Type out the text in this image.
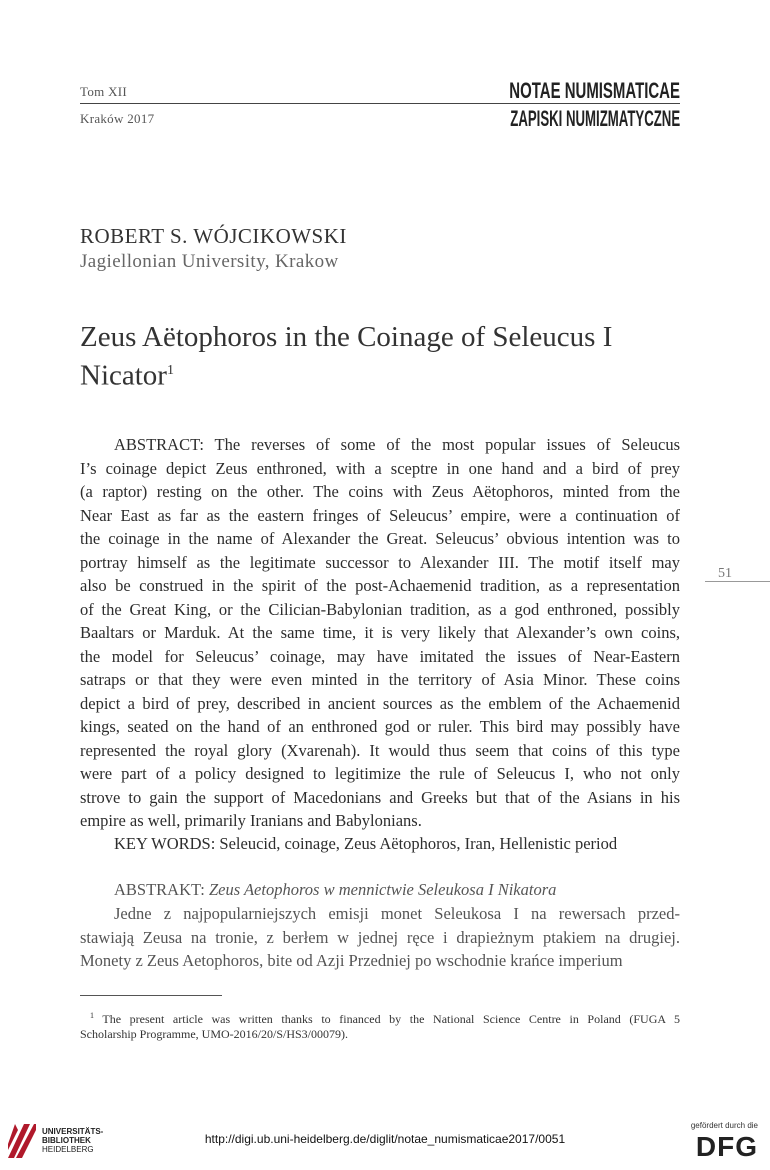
Tom XII
Kraków 2017
NOTAE NUMISMATICAE
ZAPISKI NUMIZMATYCZNE
ROBERT S. WÓJCIKOWSKI
Jagiellonian University, Krakow
Zeus Aëtophoros in the Coinage of Seleucus I
Nicator$^1$
ABSTRACT: The reverses of some of the most popular issues of Seleucus
I’s coinage depict Zeus enthroned, with a sceptre in one hand and a bird of prey
(a raptor) resting on the other. The coins with Zeus Aëtophoros, minted from the
Near East as far as the eastern fringes of Seleucus’ empire, were a continuation of
the coinage in the name of Alexander the Great. Seleucus’ obvious intention was to
portray himself as the legitimate successor to Alexander III. The motif itself may
also be construed in the spirit of the post-Achaemenid tradition, as a representation
of the Great King, or the Cilician-Babylonian tradition, as a god enthroned, possibly
Baaltars or Marduk. At the same time, it is very likely that Alexander’s own coins,
the model for Seleucus’ coinage, may have imitated the issues of Near-Eastern
satraps or that they were even minted in the territory of Asia Minor. These coins
depict a bird of prey, described in ancient sources as the emblem of the Achaemenid
kings, seated on the hand of an enthroned god or ruler. This bird may possibly have
represented the royal glory (Xvarenah). It would thus seem that coins of this type
were part of a policy designed to legitimize the rule of Seleucus I, who not only
strove to gain the support of Macedonians and Greeks but that of the Asians in his
empire as well, primarily Iranians and Babylonians.
KEY WORDS: Seleucid, coinage, Zeus Aëtophoros, Iran, Hellenistic period
51
ABSTRAKT: Zeus Aetophoros w mennictwie Seleukosa I Nikatora
Jedne z najpopularniejszych emisji monet Seleukosa I na rewersach przed-
stawiają Zeusa na tronie, z berłem w jednej ręce i drapieżnym ptakiem na drugiej.
Monety z Zeus Aetophoros, bite od Azji Przedniej po wschodnie krańce imperium
$^1$ The present article was written thanks to financed by the National Science Centre in Poland (FUGA 5
Scholarship Programme, UMO-2016/20/S/HS3/00079).
UNIVERSITÄTS-
BIBLIOTHEK
HEIDELBERG
http://digi.ub.uni-heidelberg.de/diglit/notae_numismaticae2017/0051
gefördert durch die
DFG
